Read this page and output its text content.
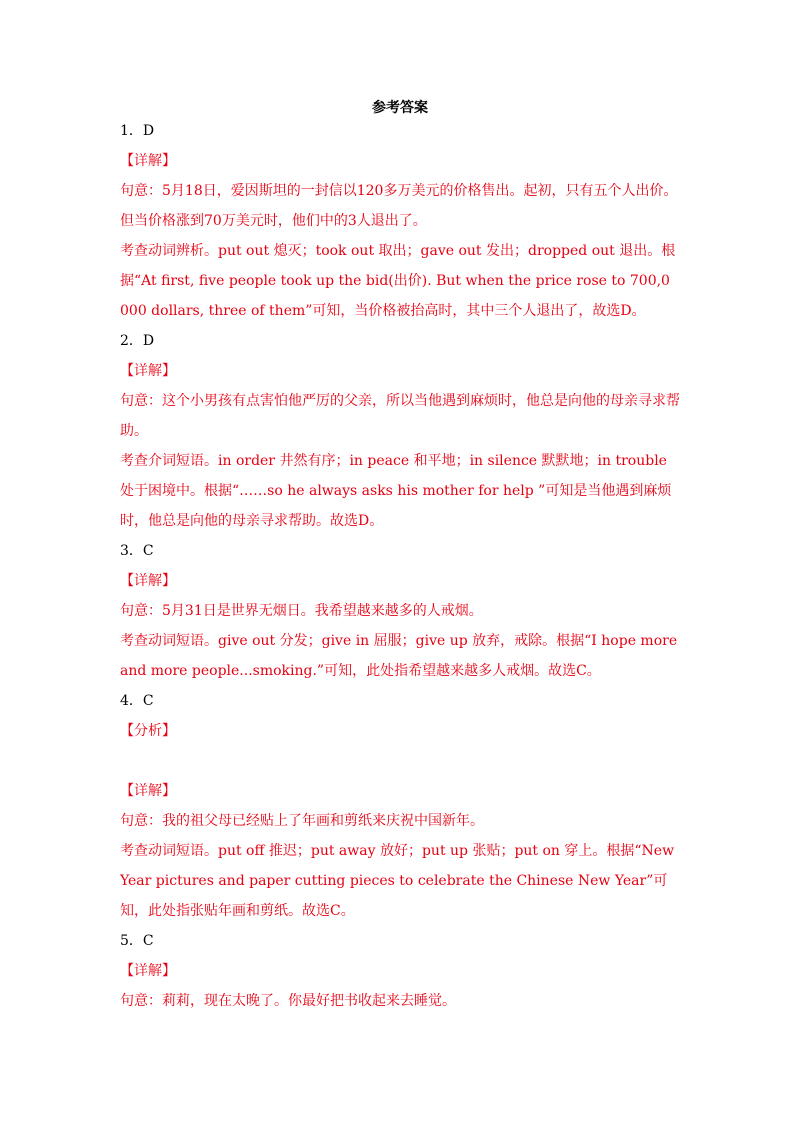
参考答案
1．D
【详解】
句意：5月18日，爱因斯坦的一封信以120多万美元的价格售出。起初，只有五个人出价。但当价格涨到70万美元时，他们中的3人退出了。
考查动词辨析。put out 熄灭；took out 取出；gave out 发出；dropped out 退出。根据“At first, five people took up the bid(出价). But when the price rose to 700,0 000 dollars, three of them”可知，当价格被抬高时，其中三个人退出了，故选D。
2．D
【详解】
句意：这个小男孩有点害怕他严厉的父亲，所以当他遇到麻烦时，他总是向他的母亲寻求帮助。
考查介词短语。in order 井然有序；in peace 和平地；in silence 默默地；in trouble 处于困境中。根据“……so he always asks his mother for help ”可知是当他遇到麻烦时，他总是向他的母亲寻求帮助。故选D。
3．C
【详解】
句意：5月31日是世界无烟日。我希望越来越多的人戒烟。
考查动词短语。give out 分发；give in 屈服；give up 放弃，戒除。根据“I hope more and more people...smoking.”可知，此处指希望越来越多人戒烟。故选C。
4．C
【分析】
【详解】
句意：我的祖父母已经贴上了年画和剪纸来庆祝中国新年。
考查动词短语。put off 推迟；put away 放好；put up 张贴；put on 穿上。根据“New Year pictures and paper cutting pieces to celebrate the Chinese New Year”可知，此处指张贴年画和剪纸。故选C。
5．C
【详解】
句意：莉莉，现在太晚了。你最好把书收起来去睡觉。
